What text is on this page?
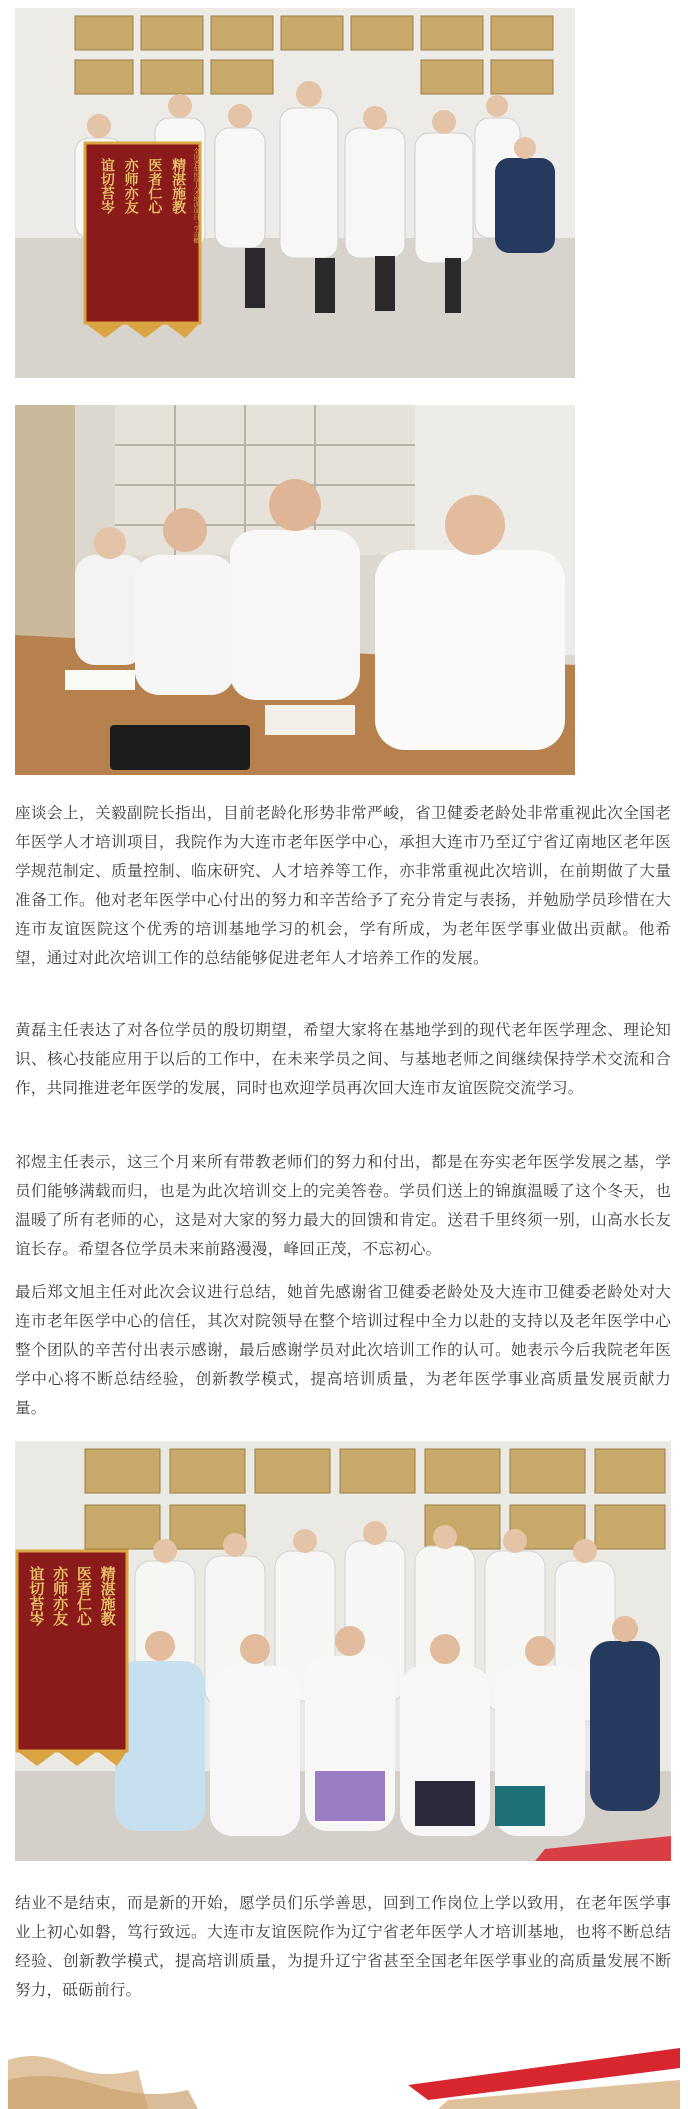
精湛施教
医者仁心
亦师亦友
谊切苔岑	全国老年医学人才培训项目 · 学员赠

座谈会上，关毅副院长指出，目前老龄化形势非常严峻，省卫健委老龄处非常重视此次全国老年医学人才培训项目，我院作为大连市老年医学中心，承担大连市乃至辽宁省辽南地区老年医学规范制定、质量控制、临床研究、人才培养等工作，亦非常重视此次培训，在前期做了大量准备工作。他对老年医学中心付出的努力和辛苦给予了充分肯定与表扬，并勉励学员珍惜在大连市友谊医院这个优秀的培训基地学习的机会，学有所成，为老年医学事业做出贡献。他希望，通过对此次培训工作的总结能够促进老年人才培养工作的发展。

黄磊主任表达了对各位学员的殷切期望，希望大家将在基地学到的现代老年医学理念、理论知识、核心技能应用于以后的工作中，在未来学员之间、与基地老师之间继续保持学术交流和合作，共同推进老年医学的发展，同时也欢迎学员再次回大连市友谊医院交流学习。

祁煜主任表示，这三个月来所有带教老师们的努力和付出，都是在夯实老年医学发展之基，学员们能够满载而归，也是为此次培训交上的完美答卷。学员们送上的锦旗温暖了这个冬天，也温暖了所有老师的心，这是对大家的努力最大的回馈和肯定。送君千里终须一别，山高水长友谊长存。希望各位学员未来前路漫漫，峰回正茂，不忘初心。

最后郑文旭主任对此次会议进行总结，她首先感谢省卫健委老龄处及大连市卫健委老龄处对大连市老年医学中心的信任，其次对院领导在整个培训过程中全力以赴的支持以及老年医学中心整个团队的辛苦付出表示感谢，最后感谢学员对此次培训工作的认可。她表示今后我院老年医学中心将不断总结经验，创新教学模式，提高培训质量，为老年医学事业高质量发展贡献力量。

精湛施教
医者仁心
亦师亦友
谊切苔岑

结业不是结束，而是新的开始，愿学员们乐学善思，回到工作岗位上学以致用，在老年医学事业上初心如磐，笃行致远。大连市友谊医院作为辽宁省老年医学人才培训基地，也将不断总结经验、创新教学模式，提高培训质量，为提升辽宁省甚至全国老年医学事业的高质量发展不断努力，砥砺前行。
